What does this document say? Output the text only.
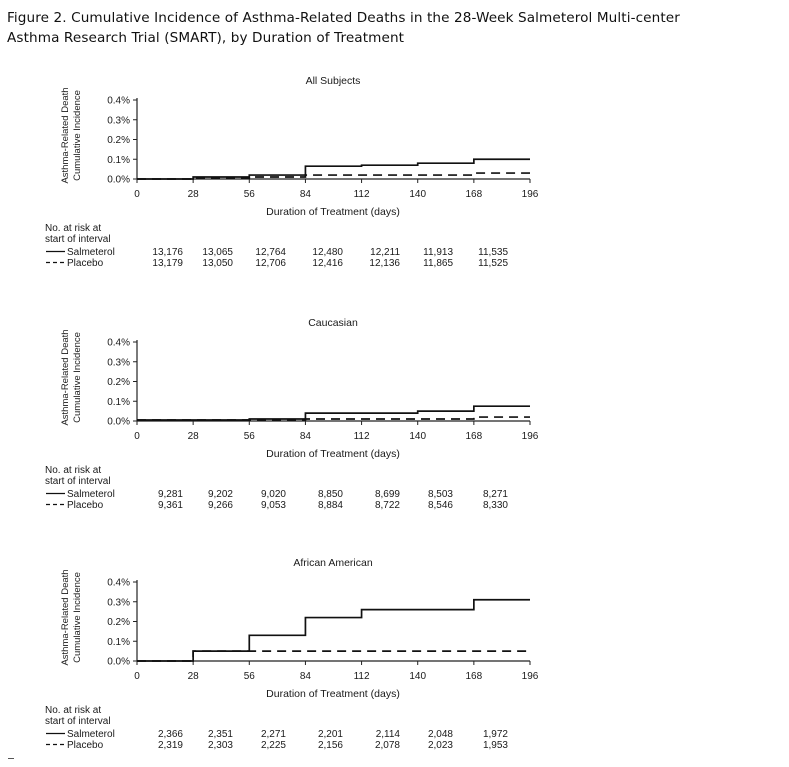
Figure 2. Cumulative Incidence of Asthma-Related Deaths in the 28-Week Salmeterol Multi-center
Asthma Research Trial (SMART), by Duration of Treatment
All Subjects
Asthma-Related Death Cumulative Incidence 0.0%
0.1%
0.2%
0.3%
0.4%
0	28	56	84	112	140	168	196
Duration of Treatment (days)
No. at risk at
start of interval
Salmeterol	13,176 13,065 12,764	12,480	12,211 11,913	11,535
Placebo	13,179 13,050 12,706	12,416	12,136 11,865	11,525
Caucasian
Asthma-Related Death Cumulative Incidence 0.0%
0.1%
0.2%
0.3%
0.4%
0	28	56	84	112	140	168	196
Duration of Treatment (days)
No. at risk at
start of interval
Salmeterol	9,281 9,202	9,020	8,850	8,699	8,503	8,271
Placebo	9,361 9,266	9,053	8,884	8,722	8,546	8,330
African American
Asthma-Related Death Cumulative Incidence 0.0%
0.1%
0.2%
0.3%
0.4%
0	28	56	84	112	140	168	196
Duration of Treatment (days)
No. at risk at
start of interval
Salmeterol	2,366 2,351	2,271	2,201	2,114	2,048	1,972
Placebo	2,319 2,303	2,225	2,156	2,078	2,023	1,953
